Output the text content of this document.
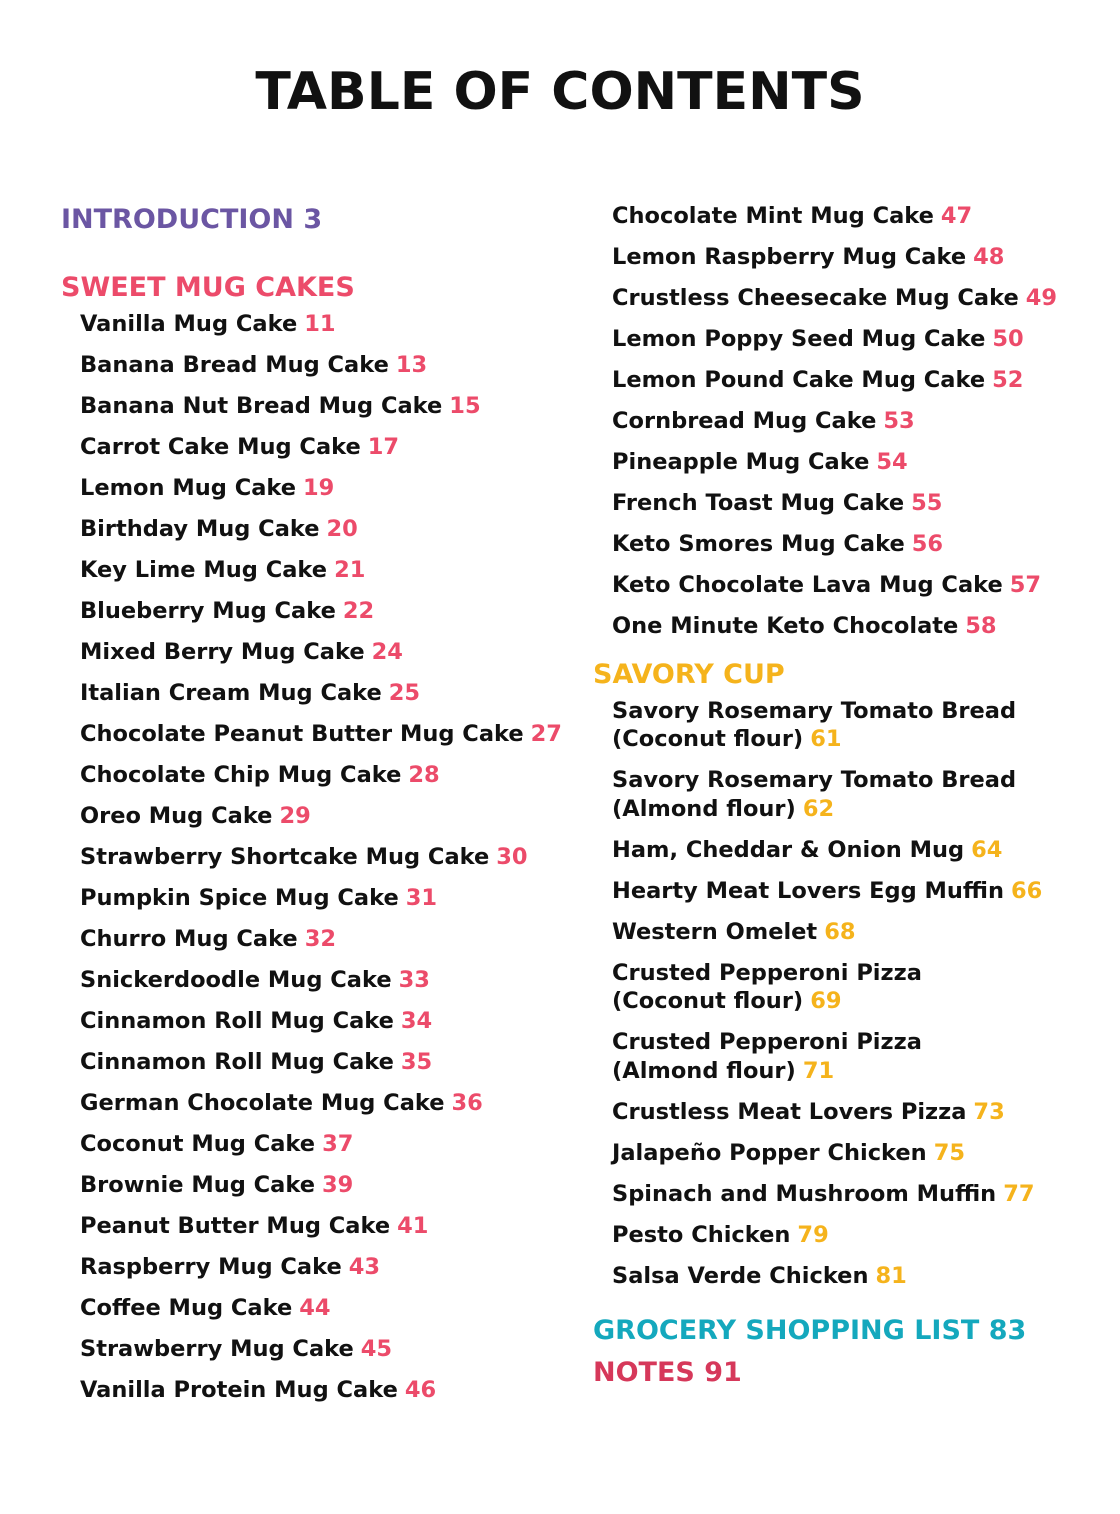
TABLE OF CONTENTS
INTRODUCTION 3
SWEET MUG CAKES
Vanilla Mug Cake 11
Banana Bread Mug Cake 13
Banana Nut Bread Mug Cake 15
Carrot Cake Mug Cake 17
Lemon Mug Cake 19
Birthday Mug Cake 20
Key Lime Mug Cake 21
Blueberry Mug Cake 22
Mixed Berry Mug Cake 24
Italian Cream Mug Cake 25
Chocolate Peanut Butter Mug Cake 27
Chocolate Chip Mug Cake 28
Oreo Mug Cake 29
Strawberry Shortcake Mug Cake 30
Pumpkin Spice Mug Cake 31
Churro Mug Cake 32
Snickerdoodle Mug Cake 33
Cinnamon Roll Mug Cake 34
Cinnamon Roll Mug Cake 35
German Chocolate Mug Cake 36
Coconut Mug Cake 37
Brownie Mug Cake 39
Peanut Butter Mug Cake 41
Raspberry Mug Cake 43
Coffee Mug Cake 44
Strawberry Mug Cake 45
Vanilla Protein Mug Cake 46
Chocolate Mint Mug Cake 47
Lemon Raspberry Mug Cake 48
Crustless Cheesecake Mug Cake 49
Lemon Poppy Seed Mug Cake 50
Lemon Pound Cake Mug Cake 52
Cornbread Mug Cake 53
Pineapple Mug Cake 54
French Toast Mug Cake 55
Keto Smores Mug Cake 56
Keto Chocolate Lava Mug Cake 57
One Minute Keto Chocolate 58
SAVORY CUP
Savory Rosemary Tomato Bread
(Coconut flour) 61
Savory Rosemary Tomato Bread
(Almond flour) 62
Ham, Cheddar & Onion Mug 64
Hearty Meat Lovers Egg Muffin 66
Western Omelet 68
Crusted Pepperoni Pizza
(Coconut flour) 69
Crusted Pepperoni Pizza
(Almond flour) 71
Crustless Meat Lovers Pizza 73
Jalapeño Popper Chicken 75
Spinach and Mushroom Muffin 77
Pesto Chicken 79
Salsa Verde Chicken 81
GROCERY SHOPPING LIST 83
NOTES 91
